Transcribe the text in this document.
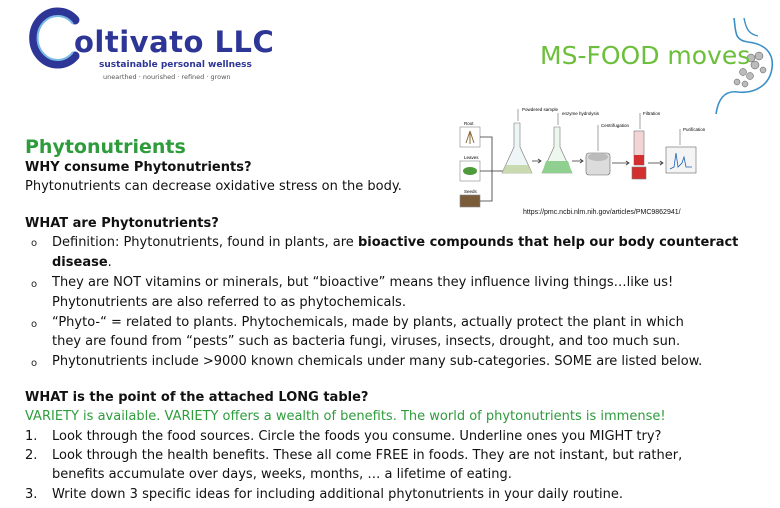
oltivato LLC
sustainable personal wellness
unearthed · nourished · refined · grown
MS-FOOD moves
Root
Leaves
Seeds
Powdered sample
enzyme hydrolysis
Centrifugation
Filtration
Purification
https://pmc.ncbi.nlm.nih.gov/articles/PMC9862941/
Phytonutrients
WHY consume Phytonutrients?
Phytonutrients can decrease oxidative stress on the body.
WHAT are Phytonutrients?
o Definition: Phytonutrients, found in plants, are bioactive compounds that help our body counteract
disease.
o They are NOT vitamins or minerals, but “bioactive” means they influence living things…like us!
Phytonutrients are also referred to as phytochemicals.
o “Phyto-“ = related to plants. Phytochemicals, made by plants, actually protect the plant in which
they are found from “pests” such as bacteria fungi, viruses, insects, drought, and too much sun.
o Phytonutrients include >9000 known chemicals under many sub-categories. SOME are listed below.
WHAT is the point of the attached LONG table?
VARIETY is available. VARIETY offers a wealth of benefits. The world of phytonutrients is immense!
1. Look through the food sources. Circle the foods you consume. Underline ones you MIGHT try?
2. Look through the health benefits. These all come FREE in foods. They are not instant, but rather,
benefits accumulate over days, weeks, months, … a lifetime of eating.
3. Write down 3 specific ideas for including additional phytonutrients in your daily routine.
